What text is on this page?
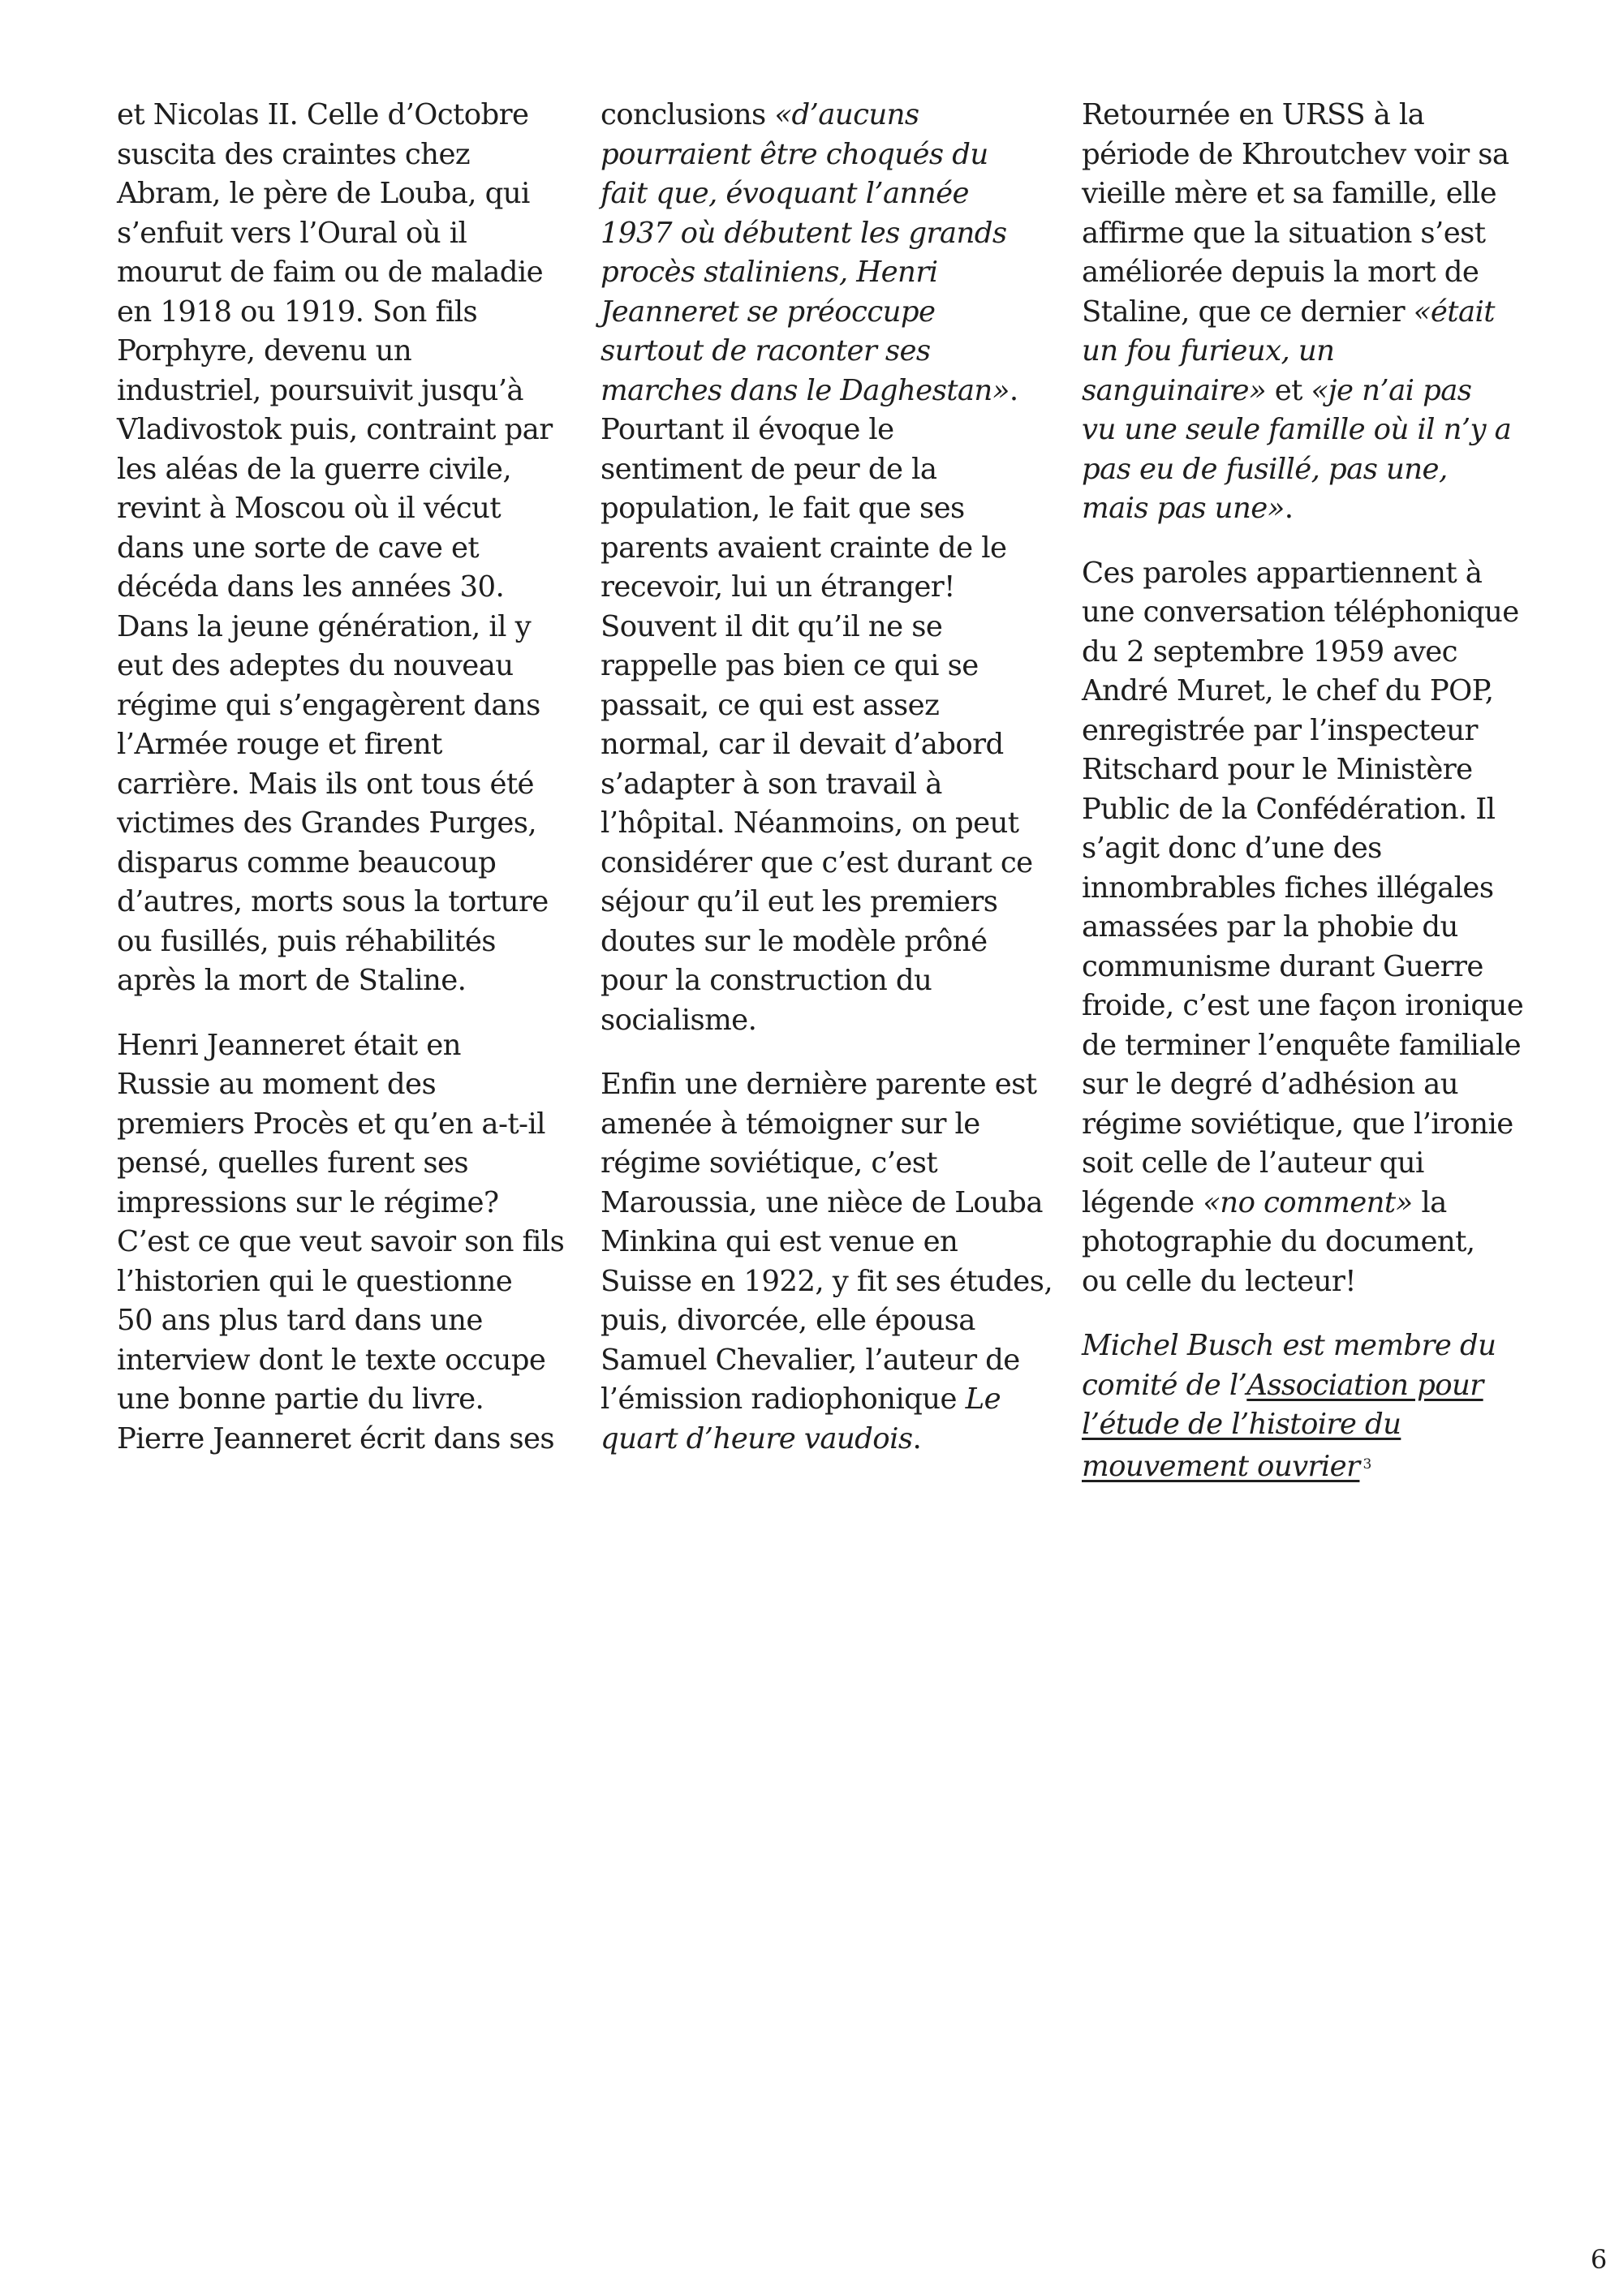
et Nicolas II. Celle d’Octobre
suscita des craintes chez
Abram, le père de Louba, qui
s’enfuit vers l’Oural où il
mourut de faim ou de maladie
en 1918 ou 1919. Son fils
Porphyre, devenu un
industriel, poursuivit jusqu’à
Vladivostok puis, contraint par
les aléas de la guerre civile,
revint à Moscou où il vécut
dans une sorte de cave et
décéda dans les années 30.
Dans la jeune génération, il y
eut des adeptes du nouveau
régime qui s’engagèrent dans
l’Armée rouge et firent
carrière. Mais ils ont tous été
victimes des Grandes Purges,
disparus comme beaucoup
d’autres, morts sous la torture
ou fusillés, puis réhabilités
après la mort de Staline.

Henri Jeanneret était en
Russie au moment des
premiers Procès et qu’en a-t-il
pensé, quelles furent ses
impressions sur le régime?
C’est ce que veut savoir son fils
l’historien qui le questionne
50 ans plus tard dans une
interview dont le texte occupe
une bonne partie du livre.
Pierre Jeanneret écrit dans ses

conclusions «d’aucuns
pourraient être choqués du
fait que, évoquant l’année
1937 où débutent les grands
procès staliniens, Henri
Jeanneret se préoccupe
surtout de raconter ses
marches dans le Daghestan».
Pourtant il évoque le
sentiment de peur de la
population, le fait que ses
parents avaient crainte de le
recevoir, lui un étranger!
Souvent il dit qu’il ne se
rappelle pas bien ce qui se
passait, ce qui est assez
normal, car il devait d’abord
s’adapter à son travail à
l’hôpital. Néanmoins, on peut
considérer que c’est durant ce
séjour qu’il eut les premiers
doutes sur le modèle prôné
pour la construction du
socialisme.

Enfin une dernière parente est
amenée à témoigner sur le
régime soviétique, c’est
Maroussia, une nièce de Louba
Minkina qui est venue en
Suisse en 1922, y fit ses études,
puis, divorcée, elle épousa
Samuel Chevalier, l’auteur de
l’émission radiophonique Le
quart d’heure vaudois.

Retournée en URSS à la
période de Khroutchev voir sa
vieille mère et sa famille, elle
affirme que la situation s’est
améliorée depuis la mort de
Staline, que ce dernier «était
un fou furieux, un
sanguinaire» et «je n’ai pas
vu une seule famille où il n’y a
pas eu de fusillé, pas une,
mais pas une».

Ces paroles appartiennent à
une conversation téléphonique
du 2 septembre 1959 avec
André Muret, le chef du POP,
enregistrée par l’inspecteur
Ritschard pour le Ministère
Public de la Confédération. Il
s’agit donc d’une des
innombrables fiches illégales
amassées par la phobie du
communisme durant Guerre
froide, c’est une façon ironique
de terminer l’enquête familiale
sur le degré d’adhésion au
régime soviétique, que l’ironie
soit celle de l’auteur qui
légende «no comment» la
photographie du document,
ou celle du lecteur!

Michel Busch est membre du
comité de l’Association pour
l’étude de l’histoire du
mouvement ouvrier $^3$

6
